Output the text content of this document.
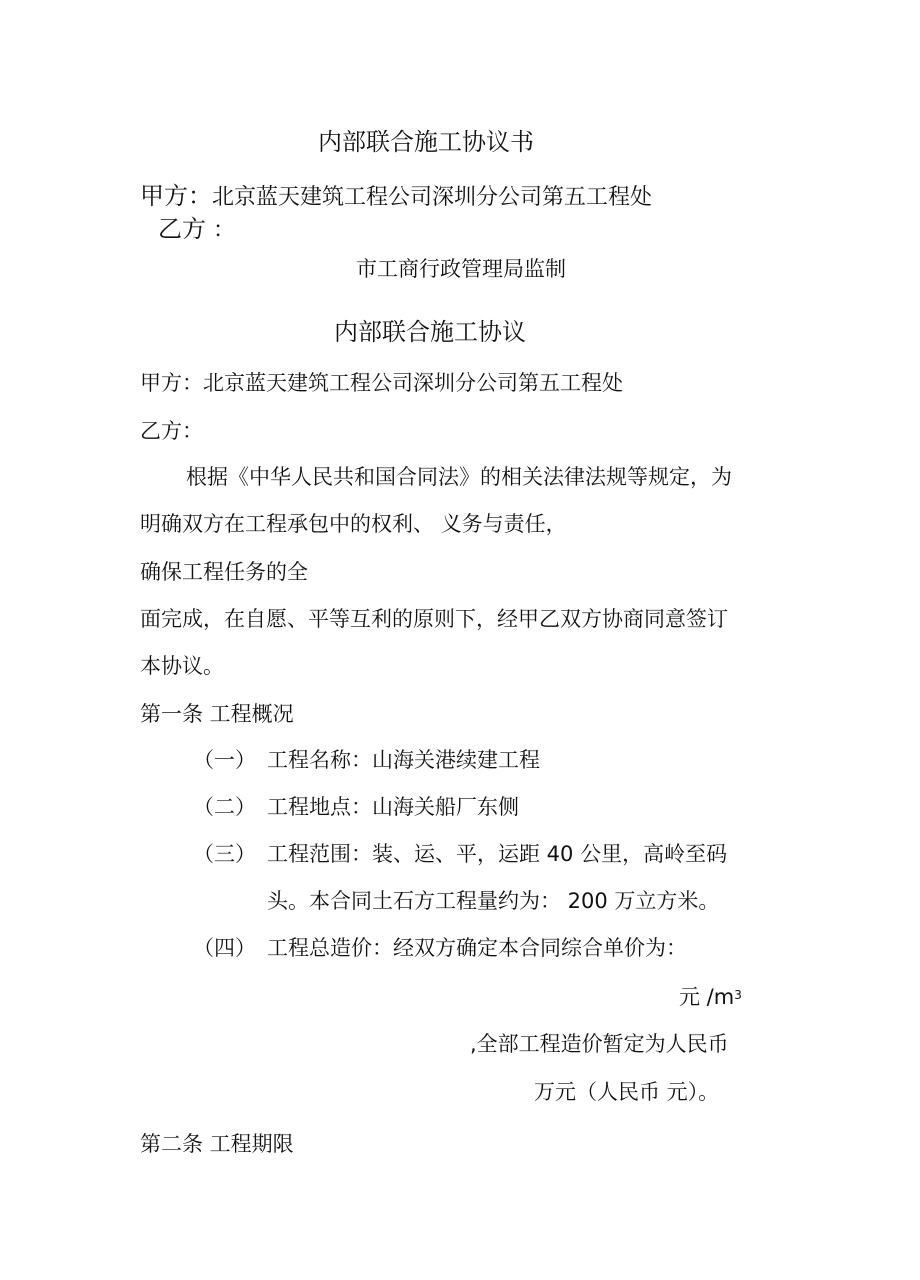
内部联合施工协议书
甲方：北京蓝天建筑工程公司深圳分公司第五工程处
乙方 ：
市工商行政管理局监制
内部联合施工协议
甲方：北京蓝天建筑工程公司深圳分公司第五工程处
乙方：
根据《中华人民共和国合同法》的相关法律法规等规定，为
明确双方在工程承包中的权利、 义务与责任，
确保工程任务的全
面完成，在自愿、平等互利的原则下，经甲乙双方协商同意签订
本协议。
第一条 工程概况
（一） 工程名称：山海关港续建工程
（二） 工程地点：山海关船厂东侧
（三） 工程范围：装、运、平，运距 40 公里，高岭至码
头。本合同土石方工程量约为： 200 万立方米。
（四） 工程总造价：经双方确定本合同综合单价为：
元 $/m^3$
,全部工程造价暂定为人民币
万元（人民币 元）。
第二条 工程期限
